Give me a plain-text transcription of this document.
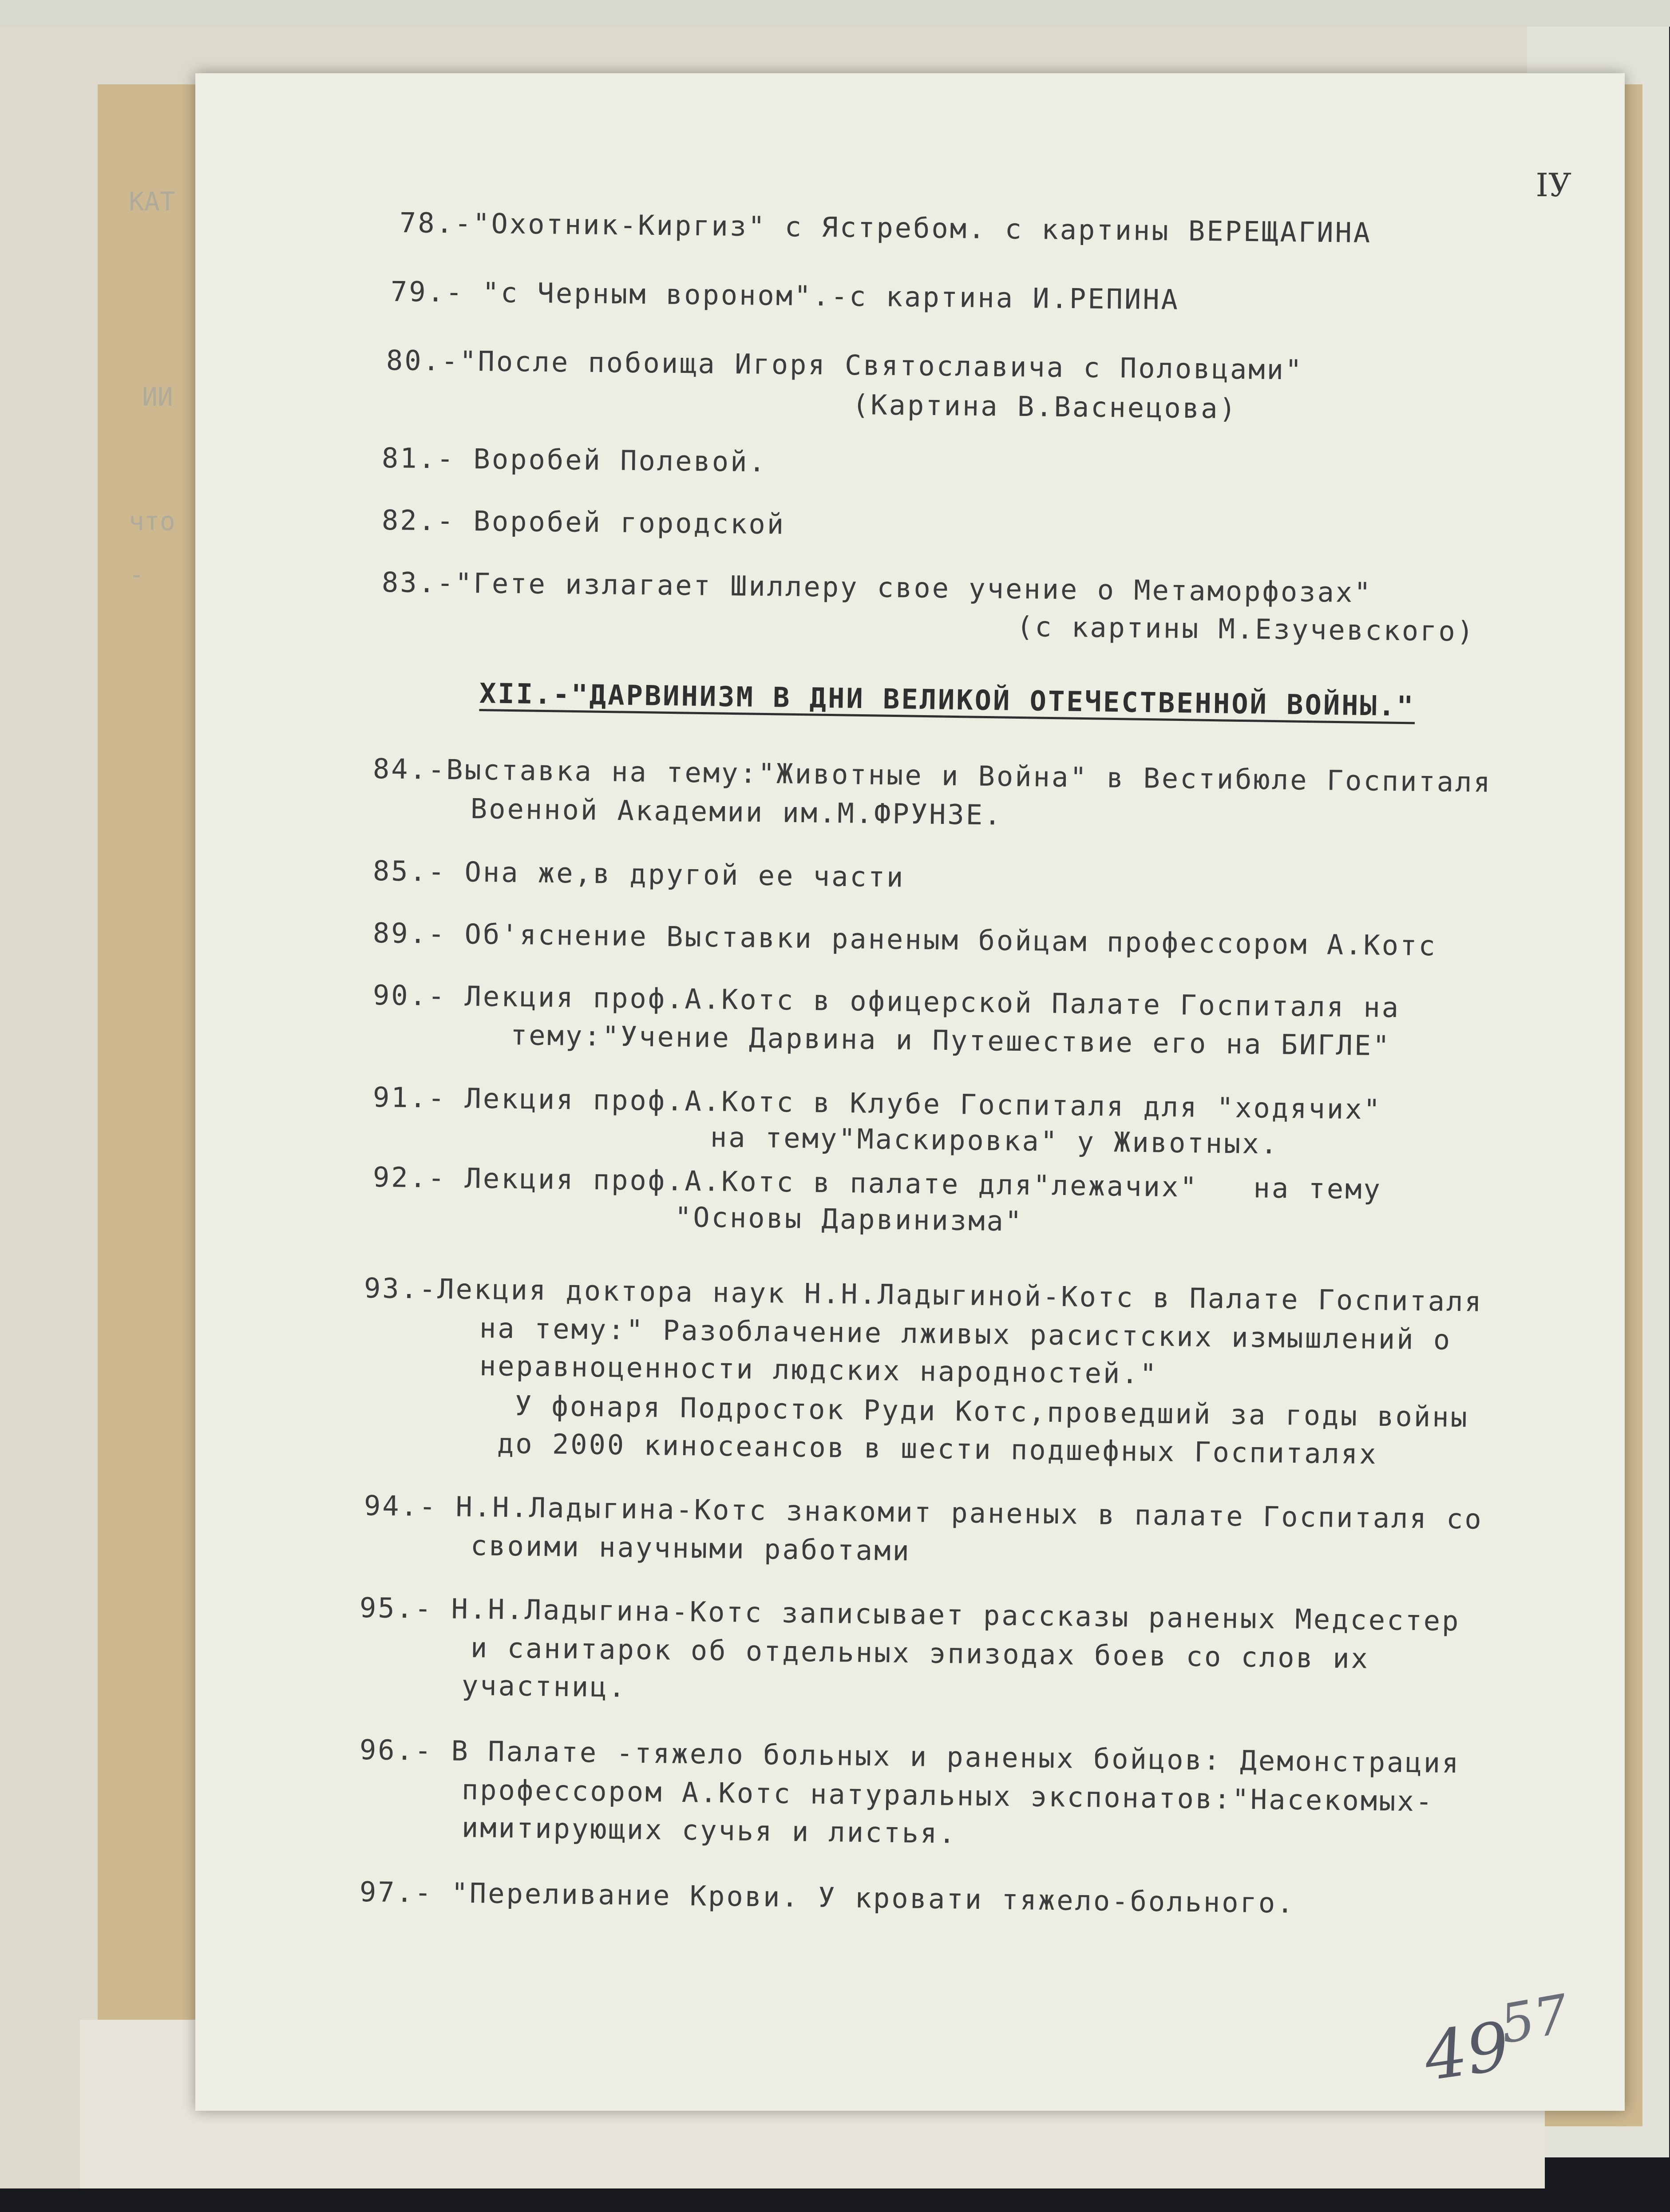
КАТ
ИИ
что
-
IУ
78.-"Охотник-Киргиз" с Ястребом. с картины ВЕРЕЩАГИНА
79.- "с Черным вороном".-с картина И.РЕПИНА
80.-"После побоища Игоря Святославича с Половцами"
(Картина В.Васнецова)
81.- Воробей Полевой.
82.- Воробей городской
83.-"Гете излагает Шиллеру свое учение о Метаморфозах"
(с картины М.Езучевского)
XII.-"ДАРВИНИЗМ В ДНИ ВЕЛИКОЙ ОТЕЧЕСТВЕННОЙ ВОЙНЫ."
84.-Выставка на тему:"Животные и Война" в Вестибюле Госпиталя
Военной Академии им.М.ФРУНЗЕ.
85.- Она же,в другой ее части
89.- Об'яснение Выставки раненым бойцам профессором А.Котс
90.- Лекция проф.А.Котс в офицерской Палате Госпиталя на
тему:"Учение Дарвина и Путешествие его на БИГЛЕ"
91.- Лекция проф.А.Котс в Клубе Госпиталя для "ходячих"
на тему"Маскировка" у Животных.
92.- Лекция проф.А.Котс в палате для"лежачих"   на тему
"Основы Дарвинизма"
93.-Лекция доктора наук Н.Н.Ладыгиной-Котс в Палате Госпиталя
на тему:" Разоблачение лживых расистских измышлений о
неравноценности людских народностей."
У фонаря Подросток Руди Котс,проведший за годы войны
до 2000 киносеансов в шести подшефных Госпиталях
94.- Н.Н.Ладыгина-Котс знакомит раненых в палате Госпиталя со
своими научными работами
95.- Н.Н.Ладыгина-Котс записывает рассказы раненых Медсестер
и санитарок об отдельных эпизодах боев со слов их
участниц.
96.- В Палате -тяжело больных и раненых бойцов: Демонстрация
профессором А.Котс натуральных экспонатов:"Насекомых-
имитирующих сучья и листья.
97.- "Переливание Крови. У кровати тяжело-больного.
49
57
